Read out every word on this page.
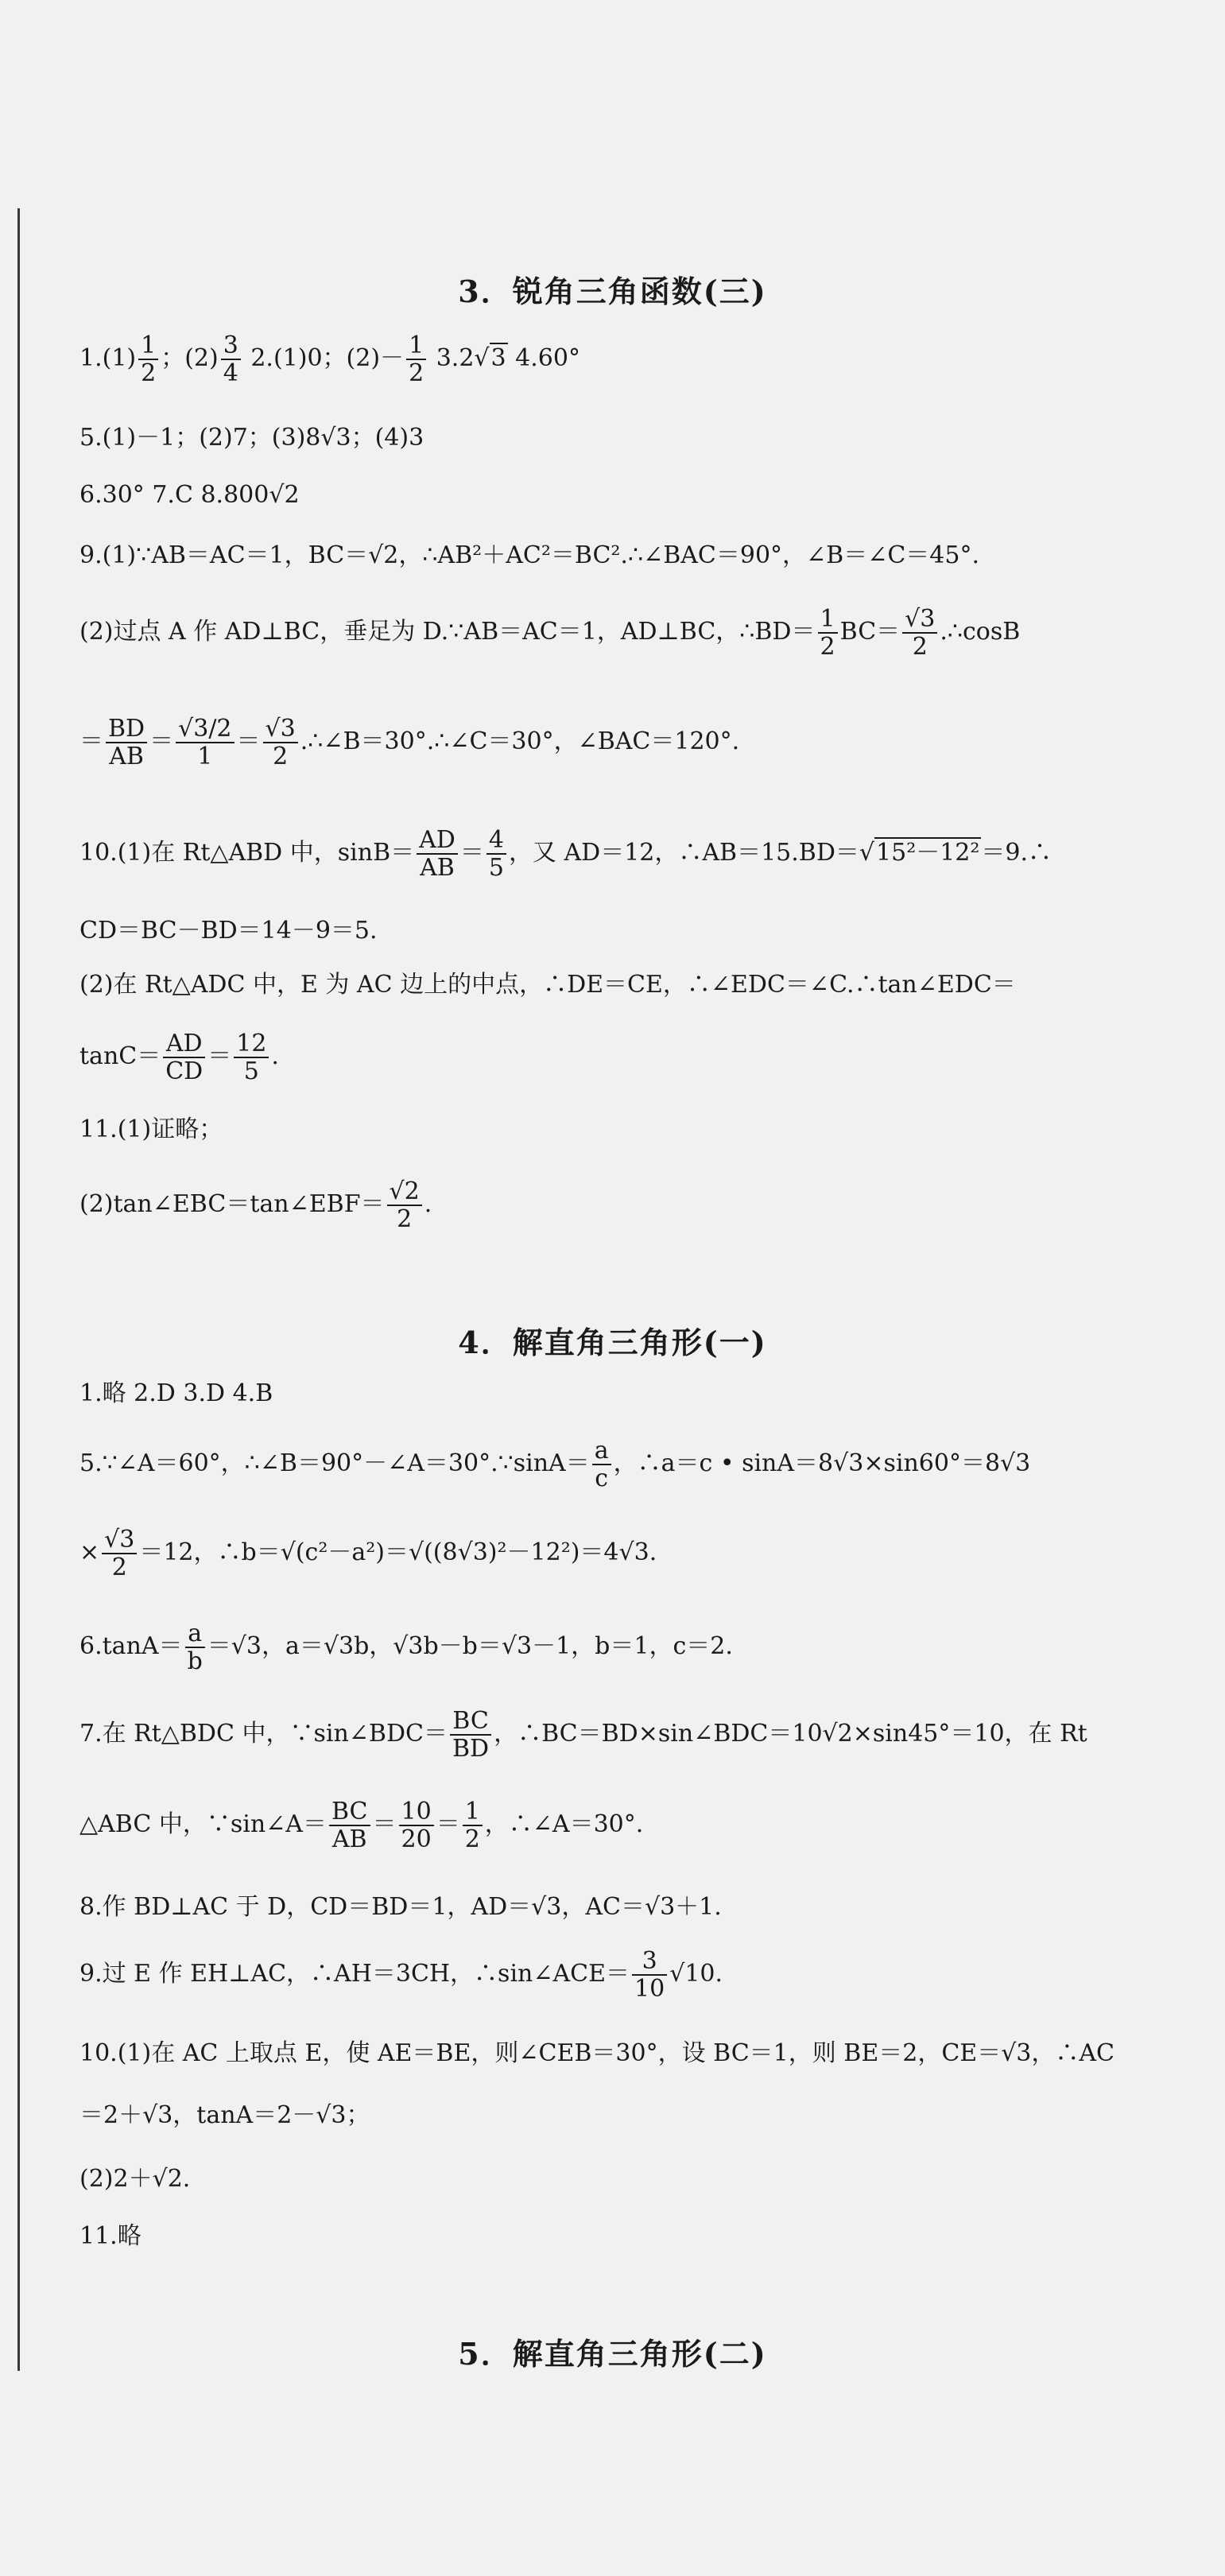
3．锐角三角函数(三)
$1.(1) \frac{1}{2}$ ；$(2) \frac{3}{4} 2.(1)0$；$(2)- \frac{1}{2} 3.2√3$ 4.60°
5.(1)－1；(2)7；(3)8√3；(4)3
6.30° 7.C 8.800√2
9.(1)∵AB＝AC＝1，BC＝√2，∴AB²＋AC²＝BC².∴∠BAC＝90°，∠B＝∠C＝45°.
(2)过点 A 作 AD⊥BC，垂足为 D.∵AB＝AC＝1，AD⊥BC，∴BD＝ $\frac{1}{2} BC= \frac{√3}{2}$ .∴cosB
＝ $\frac{BD}{AB} = \frac{√3/2}{1} = \frac{√3}{2}$ .∴∠B＝30°.∴∠C＝30°，∠BAC＝120°.
10.(1)在 Rt△ABD 中，$\sin B= \frac{AD}{AB} = \frac{4}{5}$ ，又 AD＝12，∴AB＝15.BD＝√15²－12²＝9.∴
CD＝BC－BD＝14－9＝5.
(2)在 Rt△ADC 中，E 为 AC 边上的中点，∴DE＝CE，∴∠EDC＝∠C.∴tan∠EDC＝
$\tan C= \frac{AD}{CD} = \frac{12}{5}$ .
11.(1)证略；
(2)tan∠EBC＝tan∠EBF＝ $\frac{√2}{2}$ .
4．解直角三角形(一)
1.略 2.D 3.D 4.B
5.∵∠A＝60°，∴∠B＝90°－∠A＝30°.∵sinA＝ $\frac{a}{c}$ ，∴a＝c • sinA＝8√3×sin60°＝8√3
× $\frac{√3}{2} =12$，∴b＝√(c²－a²)＝√((8√3)²－12²)＝4√3.
$6.\tan A= \frac{a}{b} =√3$，a＝√3b，√3b－b＝√3－1，b＝1，c＝2.
7.在 Rt△BDC 中，∵sin∠BDC＝ $\frac{BC}{BD}$ ，∴BC＝BD×sin∠BDC＝10√2×sin45°＝10，在 Rt
△ABC 中，∵sin∠A＝ $\frac{BC}{AB} = \frac{10}{20} = \frac{1}{2}$ ，∴∠A＝30°.
8.作 BD⊥AC 于 D，CD＝BD＝1，AD＝√3，AC＝√3＋1.
9.过 E 作 EH⊥AC，∴AH＝3CH，∴sin∠ACE＝ $\frac{3}{10} √10$.
10.(1)在 AC 上取点 E，使 AE＝BE，则∠CEB＝30°，设 BC＝1，则 BE＝2，CE＝√3，∴AC
＝2＋√3，tanA＝2－√3；
(2)2＋√2.
11.略
5．解直角三角形(二)
